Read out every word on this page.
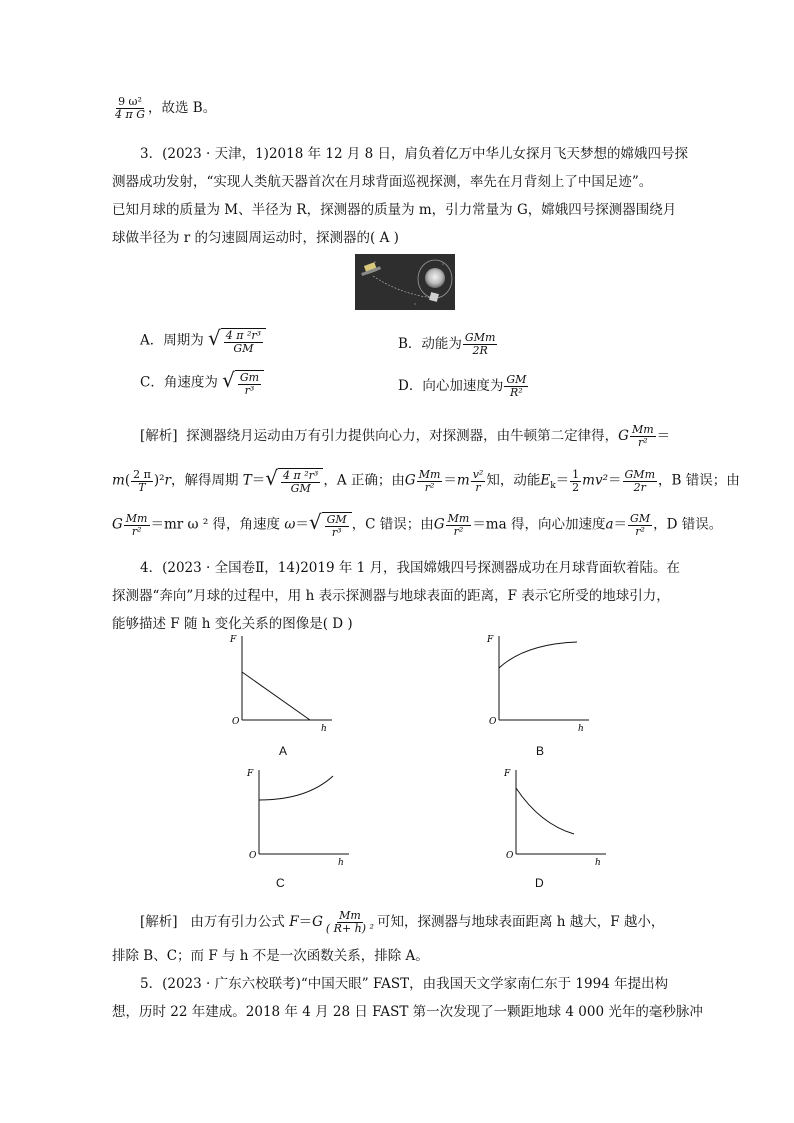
$\frac{\text{9 ω²}}{\text{4 π G}}$ ，故选 B。
3．(2023 · 天津，1)2018 年 12 月 8 日，肩负着亿万中华儿女探月飞天梦想的嫦娥四号探
测器成功发射，“实现人类航天器首次在月球背面巡视探测，率先在月背刻上了中国足迹”。
已知月球的质量为 M、半径为 R，探测器的质量为 m，引力常量为 G，嫦娥四号探测器围绕月
球做半径为 r 的匀速圆周运动时，探测器的( A )
A．周期为 √ $\frac{\text{4 π ²r³}}{GM}$	B．动能为 $\frac{\text{GMm}}{2R}$
C．角速度为 √ $\frac{Gm}{\text{r³}}$	D．向心加速度为 $\frac{GM}{\text{R²}}$
[解析] 探测器绕月运动由万有引力提供向心力，对探测器，由牛顿第二定律得，G $\frac{Mm}{\text{r²}}$ ＝
$m( \frac{2 \pi}{T} )^2r$，解得周期 T＝ √ $\frac{\text{4 π ²r³}}{GM}$ ，A 正确；由G $\frac{Mm}{\text{r²}} =m \frac{\text{v²}}{r}$ 知，动能$E_k= \frac{1}{2} mv^2= \frac{\text{GMm}}{2r}$ ，B 错误；由
G $\frac{Mm}{\text{r²}} =mr$ ω ² 得，角速度 ω＝ √ $\frac{GM}{\text{r³}}$ ，C 错误；由G $\frac{Mm}{\text{r²}} =ma$ 得，向心加速度$a= \frac{GM}{\text{r²}}$ ，D 错误。
4．(2023 · 全国卷Ⅱ，14)2019 年 1 月，我国嫦娥四号探测器成功在月球背面软着陆。在
探测器“奔向”月球的过程中，用 h 表示探测器与地球表面的距离，F 表示它所受的地球引力，
能够描述 F 随 h 变化关系的图像是( D )
F
O
h
A
F
O
h
B
F
O
h
C
F
O
h
D
[解析] 由万有引力公式 $F=G \frac{Mm}{\text{( R+ h) ²}}$ 可知，探测器与地球表面距离 h 越大，F 越小，
排除 B、C；而 F 与 h 不是一次函数关系，排除 A。
5．(2023 · 广东六校联考)“中国天眼” FAST，由我国天文学家南仁东于 1994 年提出构
想，历时 22 年建成。2018 年 4 月 28 日 FAST 第一次发现了一颗距地球 4 000 光年的毫秒脉冲
